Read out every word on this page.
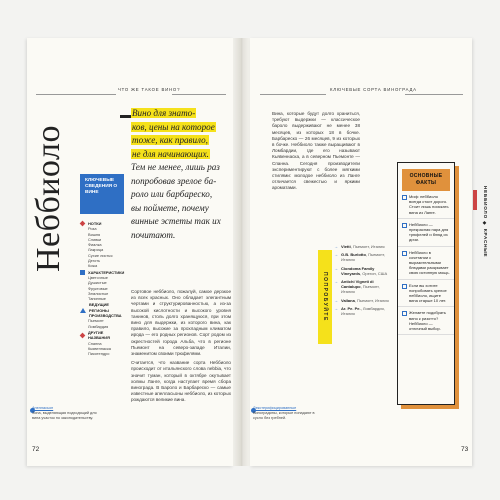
ЧТО ЖЕ ТАКОЕ ВИНО?	КЛЮЧЕВЫЕ СОРТА ВИНОГРАДА
Неббиоло	КЛЮЧЕВЫЕ СВЕДЕНИЯ О ВИНЕ
НОТКИ
Роза
Вишня
Сливки
Фиалка
Лакрица
Сухие листья
Деготь
Кожа
ХАРАКТЕРИСТИКИ
Цветочные
Душистые
Фруктовые
Землистые
Танинные
ВЕДУЩИЕ РЕГИОНЫ ПРОИЗВОДСТВА
Пьемонт
Ломбардия
ДРУГИЕ НАЗВАНИЯ
Спанна
Кьявеннаска
Пикотендро
Вино для знато-
ков, цены на которое
тоже, как правило,
не для начинающих.
Тем не менее, лишь раз
попробовав зрелое ба-
роло или барбареско,
вы поймете, почему
винные эстеты так их
почитают.

Сортовое неббиоло, пожалуй, самое дерзкое из всех красных. Оно обладает элегантным чертами и структурированностью, а из-за высокой кислотности и высокого уровня танинов, столь долго хранящуюся, при этом вино для выдержки, из которого вина, как правило, высокие за прохладным климатом ирода — его родных регионов. Сорт родом из окрестностей города Альба, что в регионе Пьемонт на северо-западе Италии, знаменитом своими трюфелями.

Считается, что название сорта Неббиоло происходит от итальянского слова nebbia, что значит туман, который в октябре окутывает холмы Ланге, когда наступает время сбора винограда. В Бароло и Барбареско — самые известные апелласьоны неббиоло, из которых рождаются великие вина.

Вина, которые будут долго храниться, требуют выдержки — классическое бароло выдерживают не менее 38 месяцев, из которых 18 в бочке. Барбареско — 26 месяцев, 9 из которых в бочке. Неббиоло также выращивают в Ломбардии, где его называют Кьявеннаска, а в северном Пьемонте — Спанна. Сегодня производители экспериментируют с более мягкими стилями: молодое неббиоло из Ланге отличается свежестью и яркими ароматами.
ПОПРОБУЙТЕ
→ Vietti, Пьемонт, Италия
→ G.B. Burlotto, Пьемонт, Италия
→ Ciondoma Family Vineyards, Орегон, США
→ Antichi Vigneti di Cantalupo, Пьемонт, Италия
→ Vallana, Пьемонт, Италия
→ Ar. Pe. Pe., Ломбардия, Италия
ОСНОВНЫЕ ФАКТЫ
Миф: неббиоло всегда стоит дорого. Стоит лишь поискать вина из Ланге.
Неббиоло — прекрасная пара для трюфелей и блюд из дичи.
Неббиоло в сочетании с выразительными блюдами раскрывает свою истинную мощь.
Если вы хотите попробовать зрелое неббиоло, ищите вина старше 10 лет.
Желаете подобрать вино к ризотто? Неббиоло — отличный выбор.
НЕББИОЛО ◆ КРАСНЫЕ
Апелласьон
Зона, выделяющая подходящий для вина участок по законодательству.
Декстерифицированные
Виноградины, которые попадают в сусло без гребней.
72	73
